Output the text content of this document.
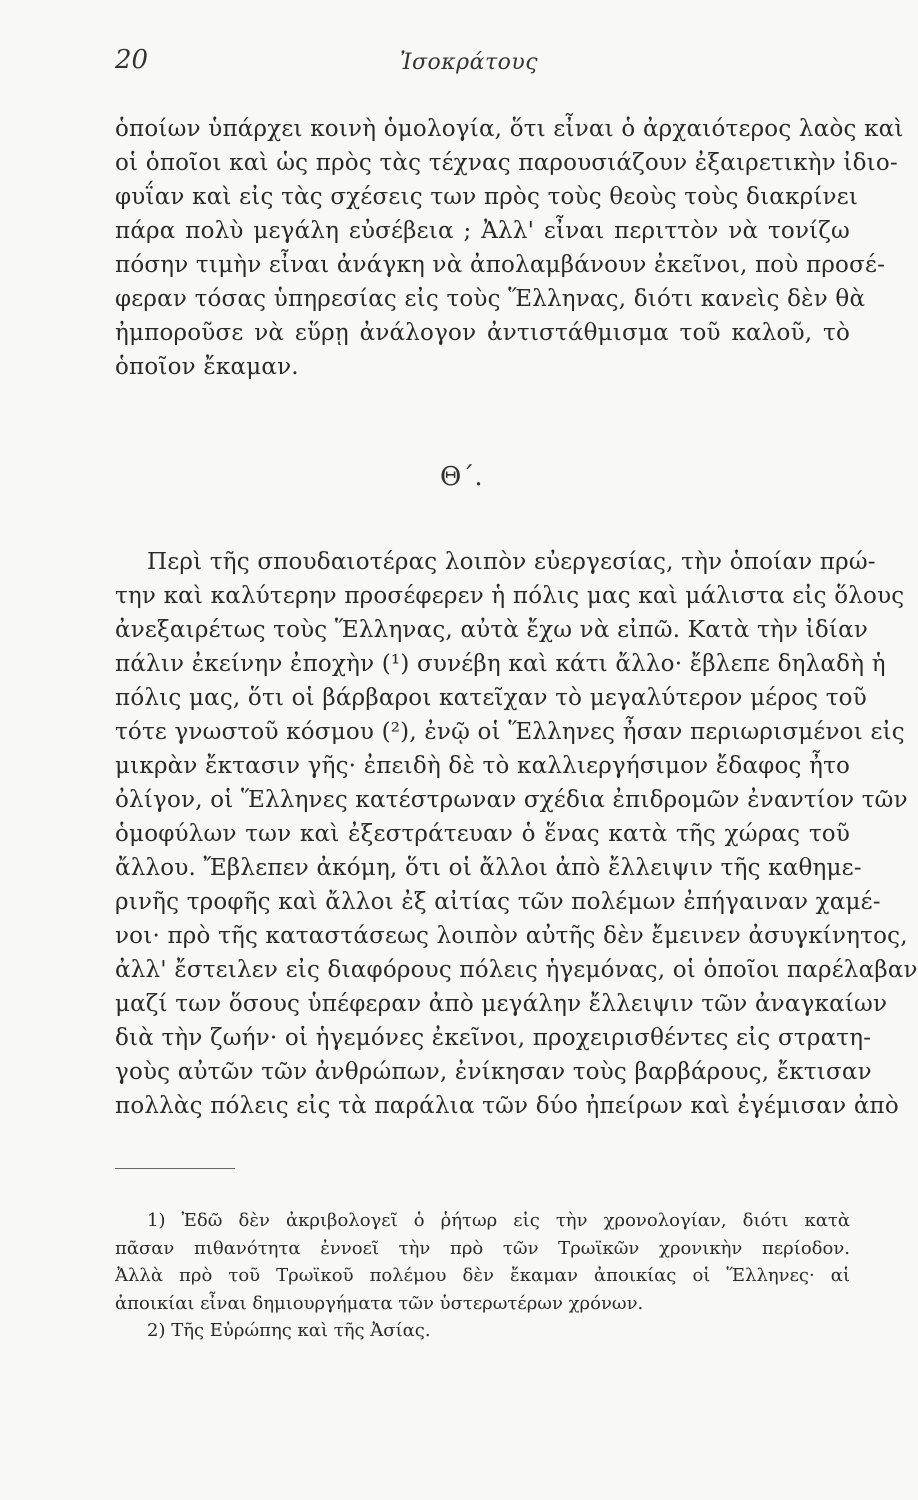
20	Ἰσοκράτους
ὁποίων ὑπάρχει κοινὴ ὁμολογία, ὅτι εἶναι ὁ ἀρχαιότερος λαὸς καὶ
οἱ ὁποῖοι καὶ ὡς πρὸς τὰς τέχνας παρουσιάζουν ἐξαιρετικὴν ἰδιο-
φυΐαν καὶ εἰς τὰς σχέσεις των πρὸς τοὺς θεοὺς τοὺς διακρίνει
πάρα πολὺ μεγάλη εὐσέβεια ; Ἀλλ' εἶναι περιττὸν νὰ τονίζω
πόσην τιμὴν εἶναι ἀνάγκη νὰ ἀπολαμβάνουν ἐκεῖνοι, ποὺ προσέ-
φεραν τόσας ὑπηρεσίας εἰς τοὺς Ἕλληνας, διότι κανεὶς δὲν θὰ
ἠμποροῦσε νὰ εὕρῃ ἀνάλογον ἀντιστάθμισμα τοῦ καλοῦ, τὸ
ὁποῖον ἔκαμαν.
Θ΄.
Περὶ τῆς σπουδαιοτέρας λοιπὸν εὐεργεσίας, τὴν ὁποίαν πρώ-
την καὶ καλύτερην προσέφερεν ἡ πόλις μας καὶ μάλιστα εἰς ὅλους
ἀνεξαιρέτως τοὺς Ἕλληνας, αὐτὰ ἔχω νὰ εἰπῶ. Κατὰ τὴν ἰδίαν
πάλιν ἐκείνην ἐποχὴν (¹) συνέβη καὶ κάτι ἄλλο· ἔβλεπε δηλαδὴ ἡ
πόλις μας, ὅτι οἱ βάρβαροι κατεῖχαν τὸ μεγαλύτερον μέρος τοῦ
τότε γνωστοῦ κόσμου (²), ἐνῷ οἱ Ἕλληνες ἦσαν περιωρισμένοι εἰς
μικρὰν ἔκτασιν γῆς· ἐπειδὴ δὲ τὸ καλλιεργήσιμον ἔδαφος ἦτο
ὀλίγον, οἱ Ἕλληνες κατέστρωναν σχέδια ἐπιδρομῶν ἐναντίον τῶν
ὁμοφύλων των καὶ ἐξεστράτευαν ὁ ἕνας κατὰ τῆς χώρας τοῦ
ἄλλου. Ἔβλεπεν ἀκόμη, ὅτι οἱ ἄλλοι ἀπὸ ἔλλειψιν τῆς καθημε-
ρινῆς τροφῆς καὶ ἄλλοι ἐξ αἰτίας τῶν πολέμων ἐπήγαιναν χαμέ-
νοι· πρὸ τῆς καταστάσεως λοιπὸν αὐτῆς δὲν ἔμεινεν ἀσυγκίνητος,
ἀλλ' ἔστειλεν εἰς διαφόρους πόλεις ἡγεμόνας, οἱ ὁποῖοι παρέλαβαν
μαζί των ὅσους ὑπέφεραν ἀπὸ μεγάλην ἔλλειψιν τῶν ἀναγκαίων
διὰ τὴν ζωήν· οἱ ἡγεμόνες ἐκεῖνοι, προχειρισθέντες εἰς στρατη-
γοὺς αὐτῶν τῶν ἀνθρώπων, ἐνίκησαν τοὺς βαρβάρους, ἔκτισαν
πολλὰς πόλεις εἰς τὰ παράλια τῶν δύο ἠπείρων καὶ ἐγέμισαν ἀπὸ
1) Ἐδῶ δὲν ἀκριβολογεῖ ὁ ῥήτωρ εἰς τὴν χρονολογίαν, διότι κατὰ
πᾶσαν πιθανότητα ἐννοεῖ τὴν πρὸ τῶν Τρωϊκῶν χρονικὴν περίοδον.
Ἀλλὰ πρὸ τοῦ Τρωϊκοῦ πολέμου δὲν ἔκαμαν ἀποικίας οἱ Ἕλληνες· αἱ
ἀποικίαι εἶναι δημιουργήματα τῶν ὑστερωτέρων χρόνων.
2) Τῆς Εὐρώπης καὶ τῆς Ἀσίας.
